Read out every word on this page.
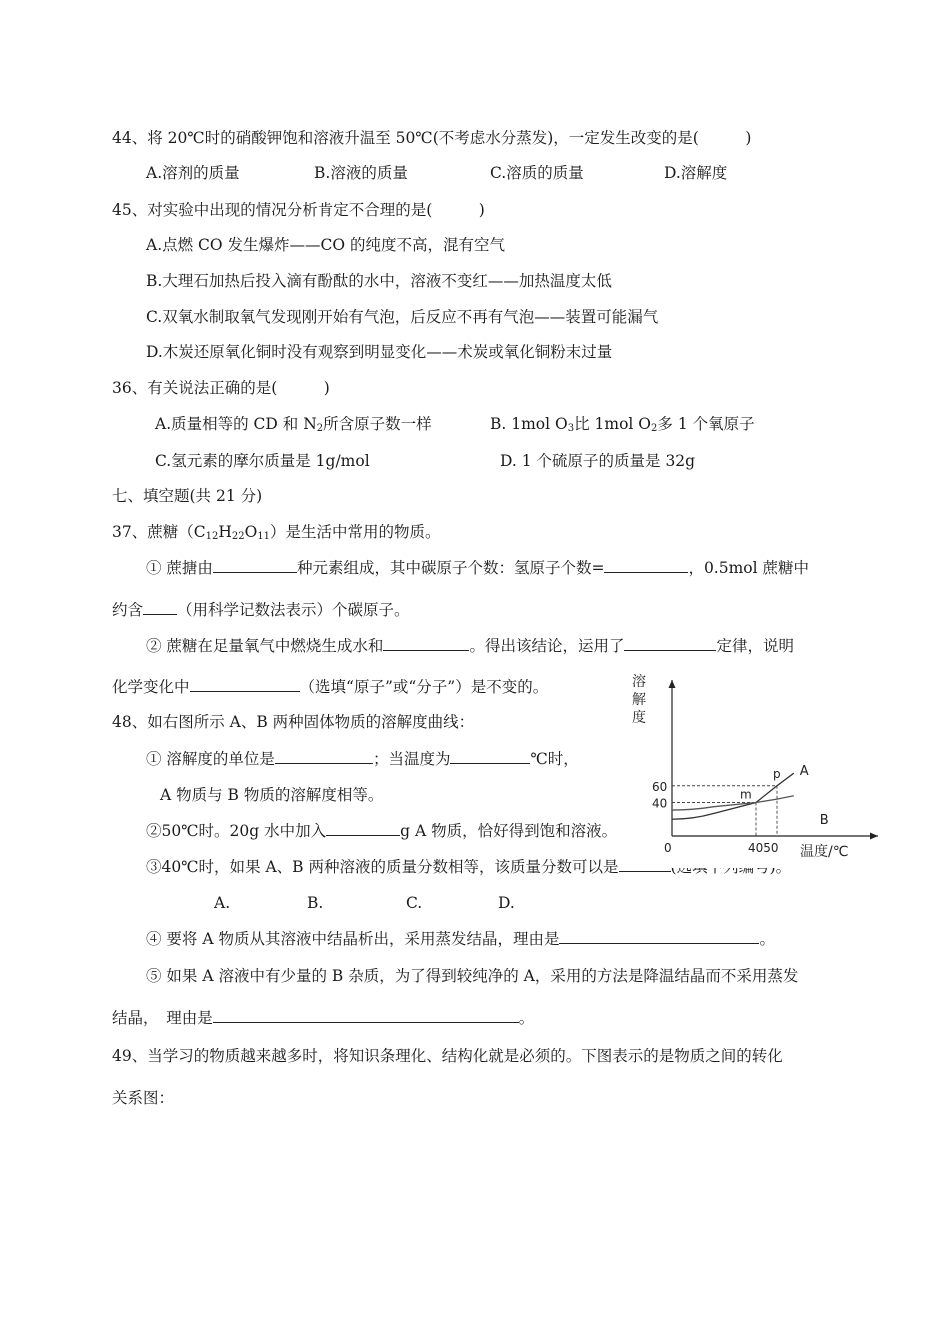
44、将 20℃时的硝酸钾饱和溶液升温至 50℃(不考虑水分蒸发)，一定发生改变的是(　　　)
A.溶剂的质量	B.溶液的质量	C.溶质的质量	D.溶解度
45、对实验中出现的情况分析肯定不合理的是(　　　)
A.点燃 CO 发生爆炸——CO 的纯度不高，混有空气
B.大理石加热后投入滴有酚酞的水中，溶液不变红——加热温度太低
C.双氧水制取氧气发现刚开始有气泡，后反应不再有气泡——装置可能漏气
D.木炭还原氧化铜时没有观察到明显变化——术炭或氧化铜粉末过量
36、有关说法正确的是(　　　)
A.质量相等的 CD 和 $N_2$所含原子数一样	B. 1mol $O_3$比 1mol $O_2$多 1 个氧原子
C.氢元素的摩尔质量是 1g/mol	D. 1 个硫原子的质量是 32g
七、填空题(共 21 分)
37、蔗糖$(C_{12}H_{22}O_{11})$是生活中常用的物质。
① 蔗搪由	种元素组成，其中碳原子个数：氢原子个数=	，0.5mol 蔗糖中
约含 （用科学记数法表示）个碳原子。
② 蔗糖在足量氧气中燃烧生成水和	。得出该结论，运用了	定律，说明
化学变化中	（选填“原子”或“分子”）是不变的。
48、如右图所示 A、B 两种固体物质的溶解度曲线：
① 溶解度的单位是	；当温度为	℃时，
A 物质与 B 物质的溶解度相等。
②50℃时。20g 水中加入	g A 物质，恰好得到饱和溶液。
③40℃时，如果 A、B 两种溶液的质量分数相等，该质量分数可以是
A.	B.	C.	D.
④ 要将 A 物质从其溶液中结晶析出，采用蒸发结晶，理由是	。
⑤ 如果 A 溶液中有少量的 B 杂质，为了得到较纯净的 A，采用的方法是降温结晶而不采用蒸发
结晶，　理由是	。
49、当学习的物质越来越多时，将知识条理化、结构化就是必须的。下图表示的是物质之间的转化
关系图：
A
B
溶
解
度
60
40
0	4050 温度/℃
p
m
